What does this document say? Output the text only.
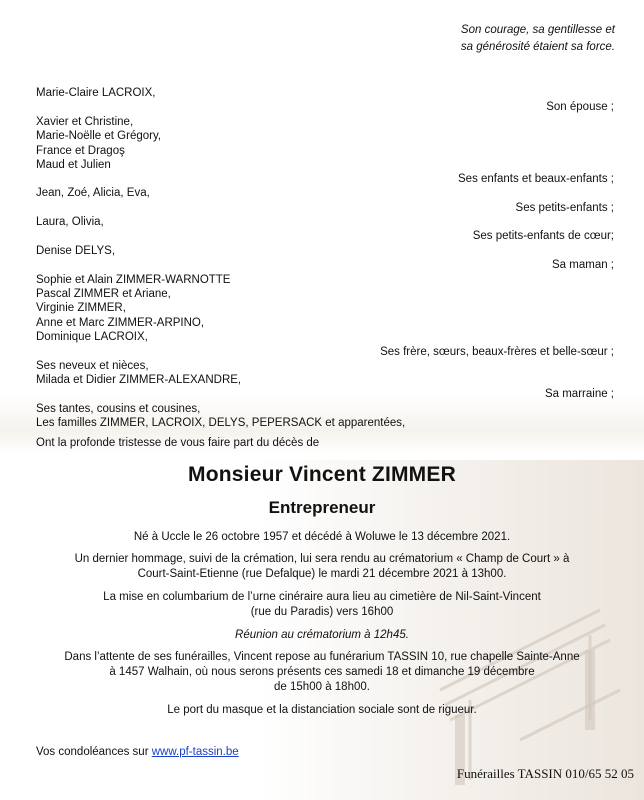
Son courage, sa gentillesse et
sa générosité étaient sa force.
Marie-Claire LACROIX,
Son épouse ;
Xavier et Christine,
Marie-Noëlle et Grégory,
France et Dragoş
Maud et Julien
Ses enfants et beaux-enfants ;
Jean, Zoé, Alicia, Eva,
Ses petits-enfants ;
Laura, Olivia,
Ses petits-enfants de cœur;
Denise DELYS,
Sa maman ;
Sophie et Alain ZIMMER-WARNOTTE
Pascal ZIMMER et Ariane,
Virginie ZIMMER,
Anne et Marc ZIMMER-ARPINO,
Dominique LACROIX,
Ses frère, sœurs, beaux-frères et belle-sœur ;
Ses neveux et nièces,
Milada et Didier ZIMMER-ALEXANDRE,
Sa marraine ;
Ses tantes, cousins et cousines,
Les familles ZIMMER, LACROIX, DELYS, PEPERSACK et apparentées,
Ont la profonde tristesse de vous faire part du décès de
Monsieur Vincent ZIMMER
Entrepreneur
Né à Uccle le 26 octobre 1957 et décédé à Woluwe le 13 décembre 2021.
Un dernier hommage, suivi de la crémation, lui sera rendu au crématorium « Champ de Court » à
Court-Saint-Etienne (rue Defalque) le mardi 21 décembre 2021 à 13h00.
La mise en columbarium de l’urne cinéraire aura lieu au cimetière de Nil-Saint-Vincent
(rue du Paradis) vers 16h00
Réunion au crématorium à 12h45.
Dans l’attente de ses funérailles, Vincent repose au funérarium TASSIN 10, rue chapelle Sainte-Anne
à 1457 Walhain, où nous serons présents ces samedi 18 et dimanche 19 décembre
de 15h00 à 18h00.
Le port du masque et la distanciation sociale sont de rigueur.
Vos condoléances sur www.pf-tassin.be
Funérailles TASSIN 010/65 52 05
